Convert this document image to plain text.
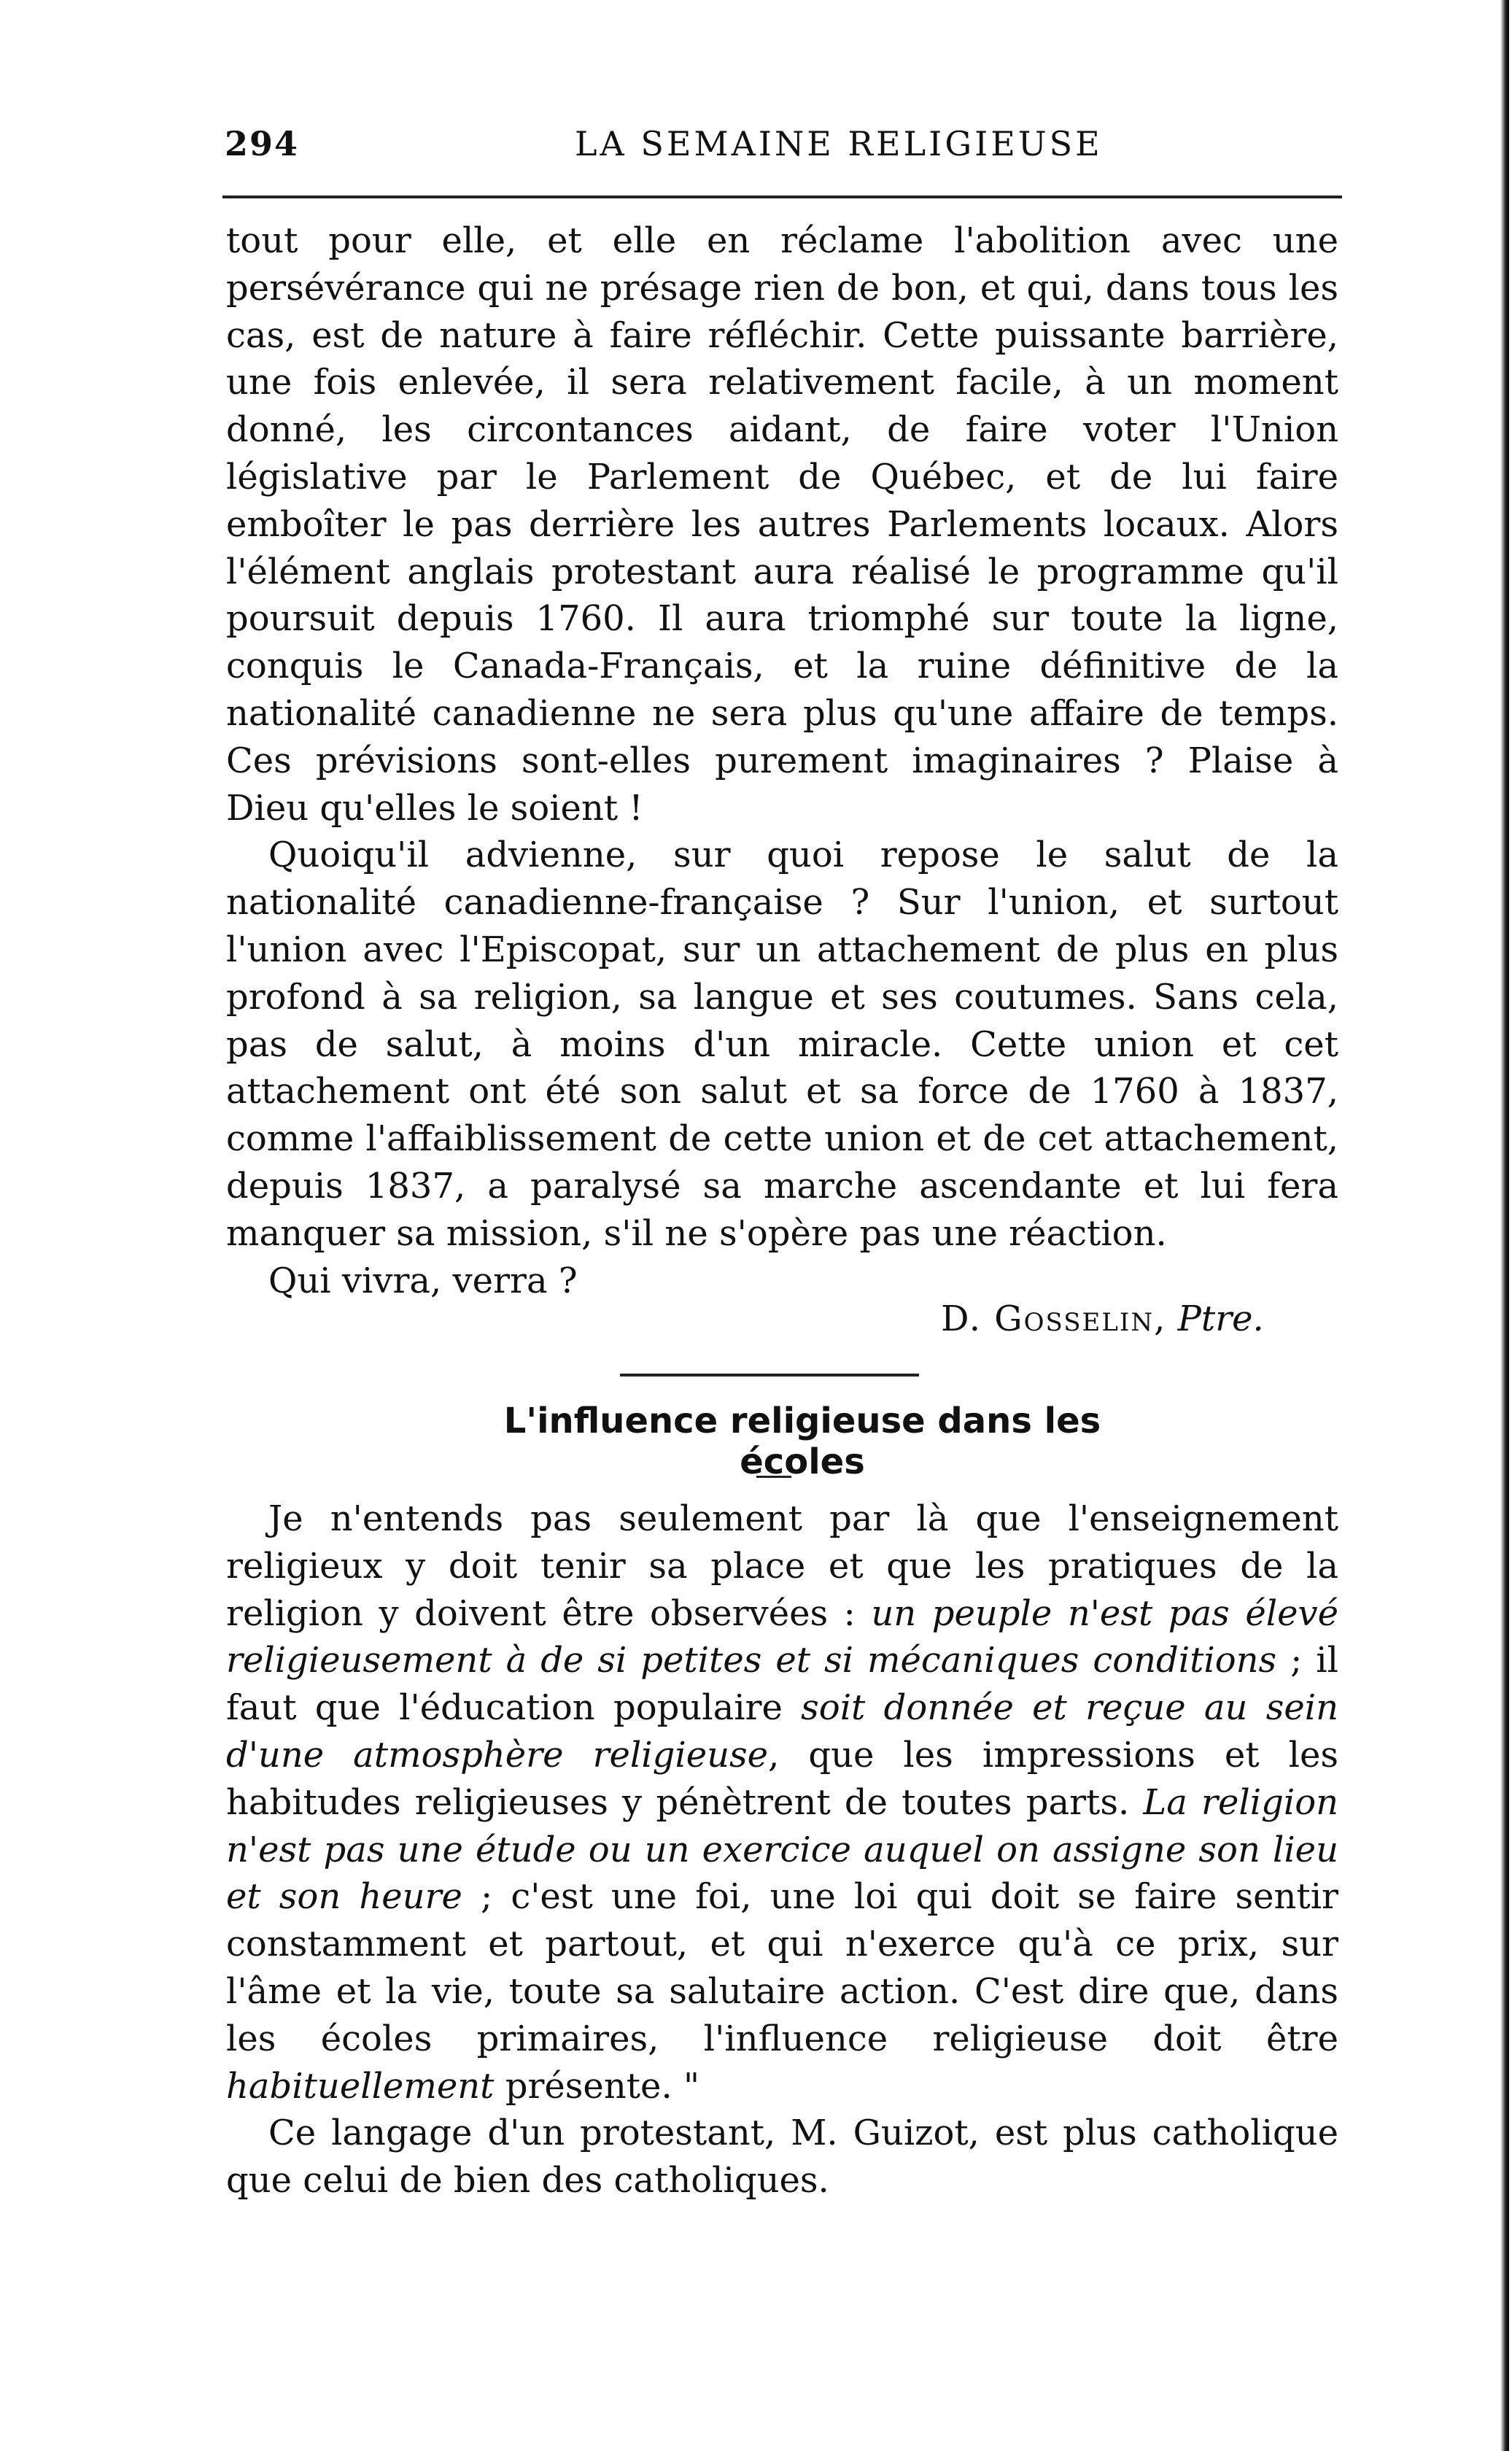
294	LA SEMAINE RELIGIEUSE

tout pour elle, et elle en réclame l'abolition avec une persévérance qui ne présage rien de bon, et qui, dans tous les cas, est de nature à faire réfléchir. Cette puissante barrière, une fois enlevée, il sera relativement facile, à un moment donné, les circontances aidant, de faire voter l'Union législative par le Parlement de Québec, et de lui faire emboîter le pas derrière les autres Parlements locaux. Alors l'élément anglais protestant aura réalisé le programme qu'il poursuit depuis 1760. Il aura triomphé sur toute la ligne, conquis le Canada-Français, et la ruine définitive de la nationalité canadienne ne sera plus qu'une affaire de temps. Ces prévisions sont-elles purement imaginaires ? Plaise à Dieu qu'elles le soient !

Quoiqu'il advienne, sur quoi repose le salut de la nationalité canadienne-française ? Sur l'union, et surtout l'union avec l'Episcopat, sur un attachement de plus en plus profond à sa religion, sa langue et ses coutumes. Sans cela, pas de salut, à moins d'un miracle. Cette union et cet attachement ont été son salut et sa force de 1760 à 1837, comme l'affaiblissement de cette union et de cet attachement, depuis 1837, a paralysé sa marche ascendante et lui fera manquer sa mission, s'il ne s'opère pas une réaction.

Qui vivra, verra ?

D. Gosselin, Ptre.
L'influence religieuse dans les écoles

Je n'entends pas seulement par là que l'enseignement religieux y doit tenir sa place et que les pratiques de la religion y doivent être observées : un peuple n'est pas élevé religieusement à de si petites et si mécaniques conditions ; il faut que l'éducation populaire soit donnée et reçue au sein d'une atmosphère religieuse, que les impressions et les habitudes religieuses y pénètrent de toutes parts. La religion n'est pas une étude ou un exercice auquel on assigne son lieu et son heure ; c'est une foi, une loi qui doit se faire sentir constamment et partout, et qui n'exerce qu'à ce prix, sur l'âme et la vie, toute sa salutaire action. C'est dire que, dans les écoles primaires, l'influence religieuse doit être habituellement présente. "

Ce langage d'un protestant, M. Guizot, est plus catholique que celui de bien des catholiques.
